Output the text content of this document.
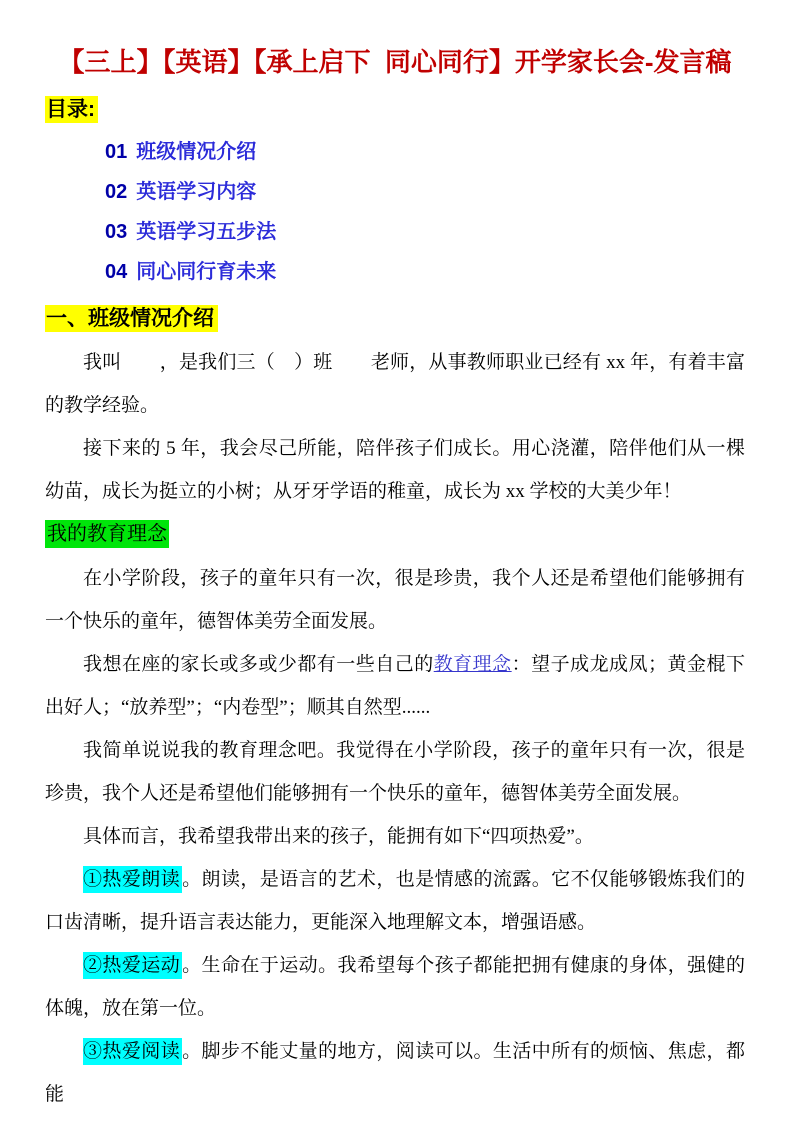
【三上】【英语】【承上启下  同心同行】开学家长会-发言稿
目录:
01 班级情况介绍
02 英语学习内容
03 英语学习五步法
04 同心同行育未来
一、班级情况介绍

我叫　　，是我们三（　）班　　老师，从事教师职业已经有 xx 年，有着丰富的教学经验。

接下来的 5 年，我会尽己所能，陪伴孩子们成长。用心浇灌，陪伴他们从一棵幼苗，成长为挺立的小树；从牙牙学语的稚童，成长为 xx 学校的大美少年！

我的教育理念

在小学阶段，孩子的童年只有一次，很是珍贵，我个人还是希望他们能够拥有一个快乐的童年，德智体美劳全面发展。

我想在座的家长或多或少都有一些自己的教育理念：望子成龙成凤；黄金棍下出好人；“放养型”；“内卷型”；顺其自然型......

我简单说说我的教育理念吧。我觉得在小学阶段，孩子的童年只有一次，很是珍贵，我个人还是希望他们能够拥有一个快乐的童年，德智体美劳全面发展。

具体而言，我希望我带出来的孩子，能拥有如下“四项热爱”。

①热爱朗读 。朗读，是语言的艺术，也是情感的流露。它不仅能够锻炼我们的口齿清晰，提升语言表达能力，更能深入地理解文本，增强语感。

②热爱运动 。生命在于运动。我希望每个孩子都能把拥有健康的身体，强健的体魄，放在第一位。

③热爱阅读 。脚步不能丈量的地方，阅读可以。生活中所有的烦恼、焦虑，都能
